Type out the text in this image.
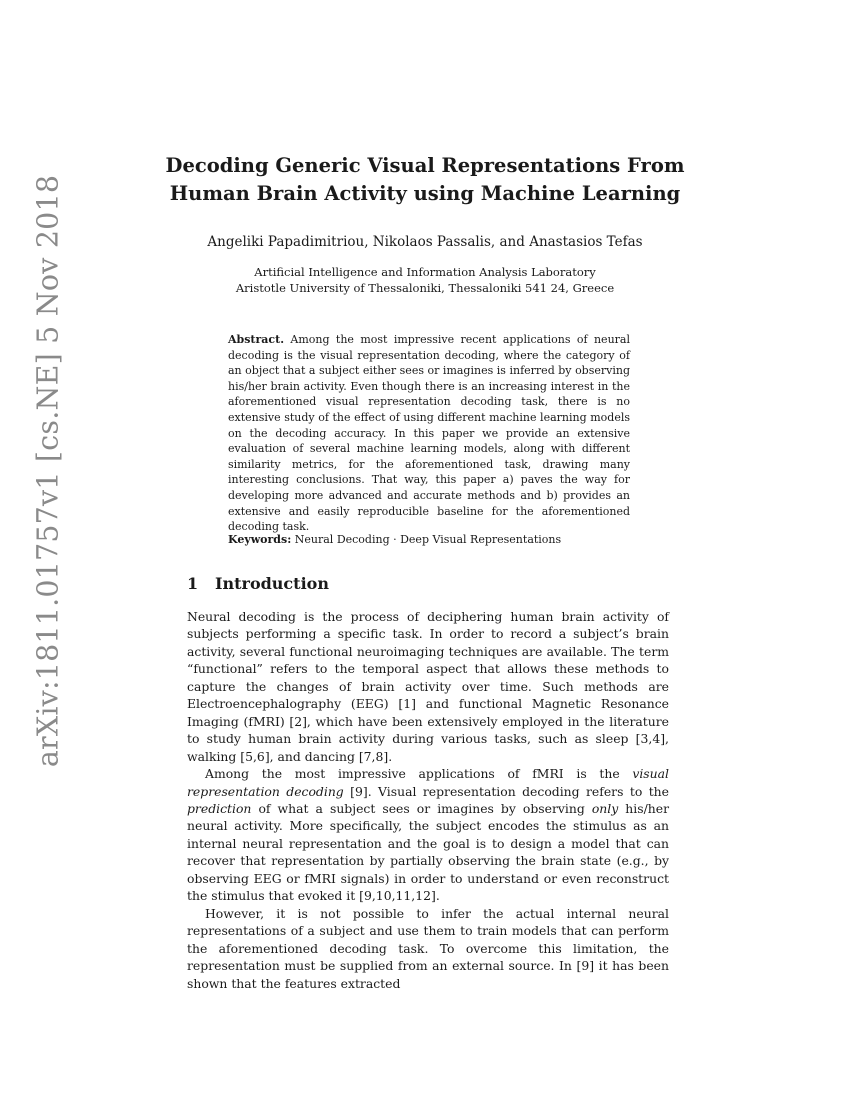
arXiv:1811.01757v1 [cs.NE] 5 Nov 2018
Decoding Generic Visual Representations From
Human Brain Activity using Machine Learning
Angeliki Papadimitriou, Nikolaos Passalis, and Anastasios Tefas
Artificial Intelligence and Information Analysis Laboratory
Aristotle University of Thessaloniki, Thessaloniki 541 24, Greece
Abstract. Among the most impressive recent applications of neural decoding is the visual representation decoding, where the category of an object that a subject either sees or imagines is inferred by observing his/her brain activity. Even though there is an increasing interest in the aforementioned visual representation decoding task, there is no extensive study of the effect of using different machine learning models on the decoding accuracy. In this paper we provide an extensive evaluation of several machine learning models, along with different similarity metrics, for the aforementioned task, drawing many interesting conclusions. That way, this paper a) paves the way for developing more advanced and accurate methods and b) provides an extensive and easily reproducible baseline for the aforementioned decoding task.
Keywords: Neural Decoding · Deep Visual Representations
1 Introduction

Neural decoding is the process of deciphering human brain activity of subjects performing a specific task. In order to record a subject’s brain activity, several functional neuroimaging techniques are available. The term “functional” refers to the temporal aspect that allows these methods to capture the changes of brain activity over time. Such methods are Electroencephalography (EEG) [1] and functional Magnetic Resonance Imaging (fMRI) [2], which have been extensively employed in the literature to study human brain activity during various tasks, such as sleep [3,4], walking [5,6], and dancing [7,8].

Among the most impressive applications of fMRI is the visual representation decoding [9]. Visual representation decoding refers to the prediction of what a subject sees or imagines by observing only his/her neural activity. More specifically, the subject encodes the stimulus as an internal neural representation and the goal is to design a model that can recover that representation by partially observing the brain state (e.g., by observing EEG or fMRI signals) in order to understand or even reconstruct the stimulus that evoked it [9,10,11,12].

However, it is not possible to infer the actual internal neural representations of a subject and use them to train models that can perform the aforementioned decoding task. To overcome this limitation, the representation must be supplied from an external source. In [9] it has been shown that the features extracted
